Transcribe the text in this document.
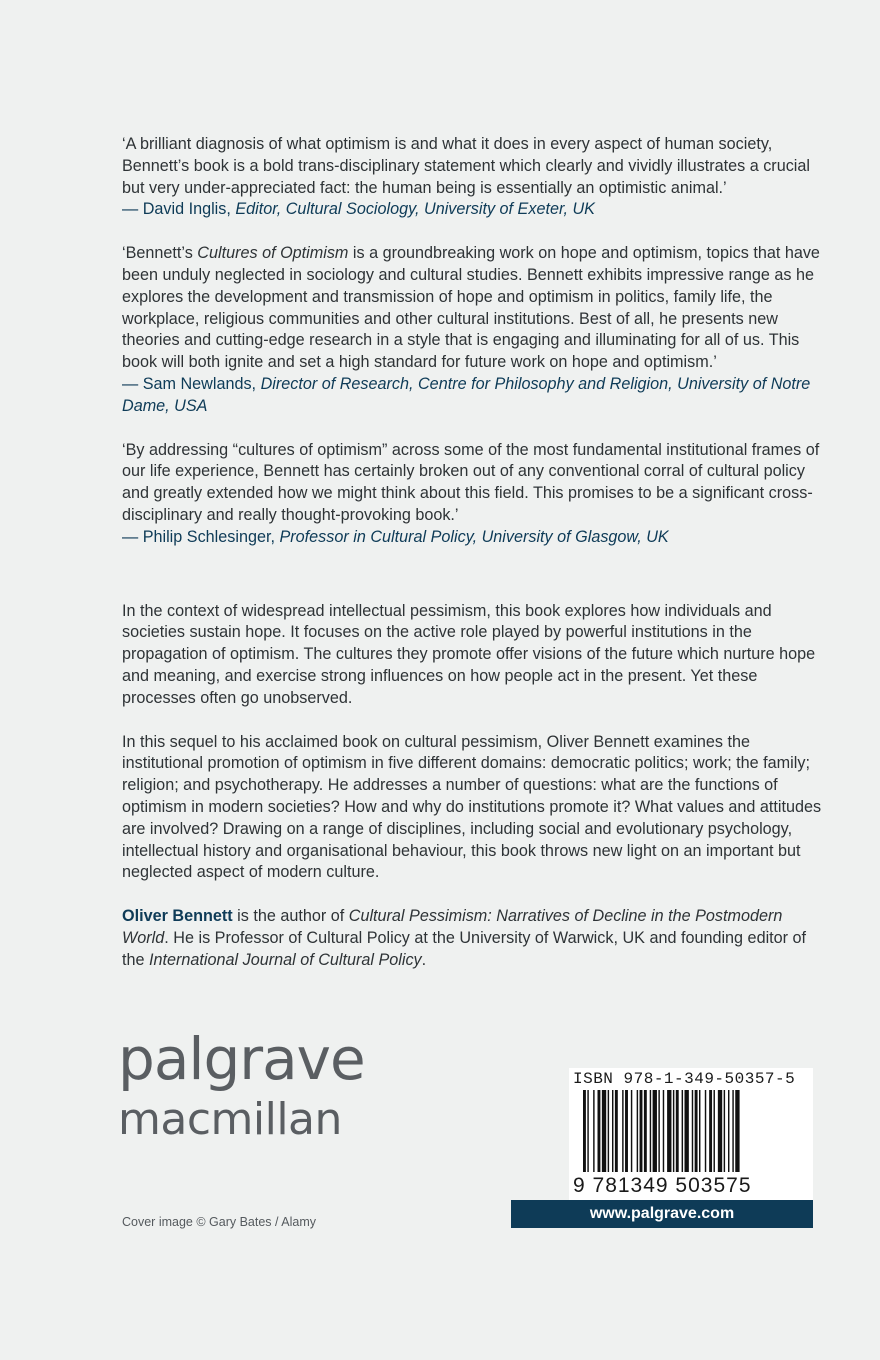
‘A brilliant diagnosis of what optimism is and what it does in every aspect of human society, Bennett’s book is a bold trans-disciplinary statement which clearly and vividly illustrates a crucial but very under-appreciated fact: the human being is essentially an optimistic animal.’
— David Inglis, Editor, Cultural Sociology, University of Exeter, UK

‘Bennett’s Cultures of Optimism is a groundbreaking work on hope and optimism, topics that have been unduly neglected in sociology and cultural studies. Bennett exhibits impressive range as he explores the development and transmission of hope and optimism in politics, family life, the workplace, religious communities and other cultural institutions. Best of all, he presents new theories and cutting-edge research in a style that is engaging and illuminating for all of us. This book will both ignite and set a high standard for future work on hope and optimism.’
— Sam Newlands, Director of Research, Centre for Philosophy and Religion, University of Notre Dame, USA

‘By addressing “cultures of optimism” across some of the most fundamental institutional frames of our life experience, Bennett has certainly broken out of any conventional corral of cultural policy and greatly extended how we might think about this field. This promises to be a significant cross-disciplinary and really thought-provoking book.’
— Philip Schlesinger, Professor in Cultural Policy, University of Glasgow, UK

In the context of widespread intellectual pessimism, this book explores how individuals and societies sustain hope. It focuses on the active role played by powerful institutions in the propagation of optimism. The cultures they promote offer visions of the future which nurture hope and meaning, and exercise strong influences on how people act in the present. Yet these processes often go unobserved.

In this sequel to his acclaimed book on cultural pessimism, Oliver Bennett examines the institutional promotion of optimism in five different domains: democratic politics; work; the family; religion; and psychotherapy. He addresses a number of questions: what are the functions of optimism in modern societies? How and why do institutions promote it? What values and attitudes are involved? Drawing on a range of disciplines, including social and evolutionary psychology, intellectual history and organisational behaviour, this book throws new light on an important but neglected aspect of modern culture.

Oliver Bennett is the author of Cultural Pessimism: Narratives of Decline in the Postmodern World. He is Professor of Cultural Policy at the University of Warwick, UK and founding editor of the International Journal of Cultural Policy.

palgrave
macmillan
ISBN 978-1-349-50357-5
9 781349 503575
www.palgrave.com
Cover image © Gary Bates / Alamy
